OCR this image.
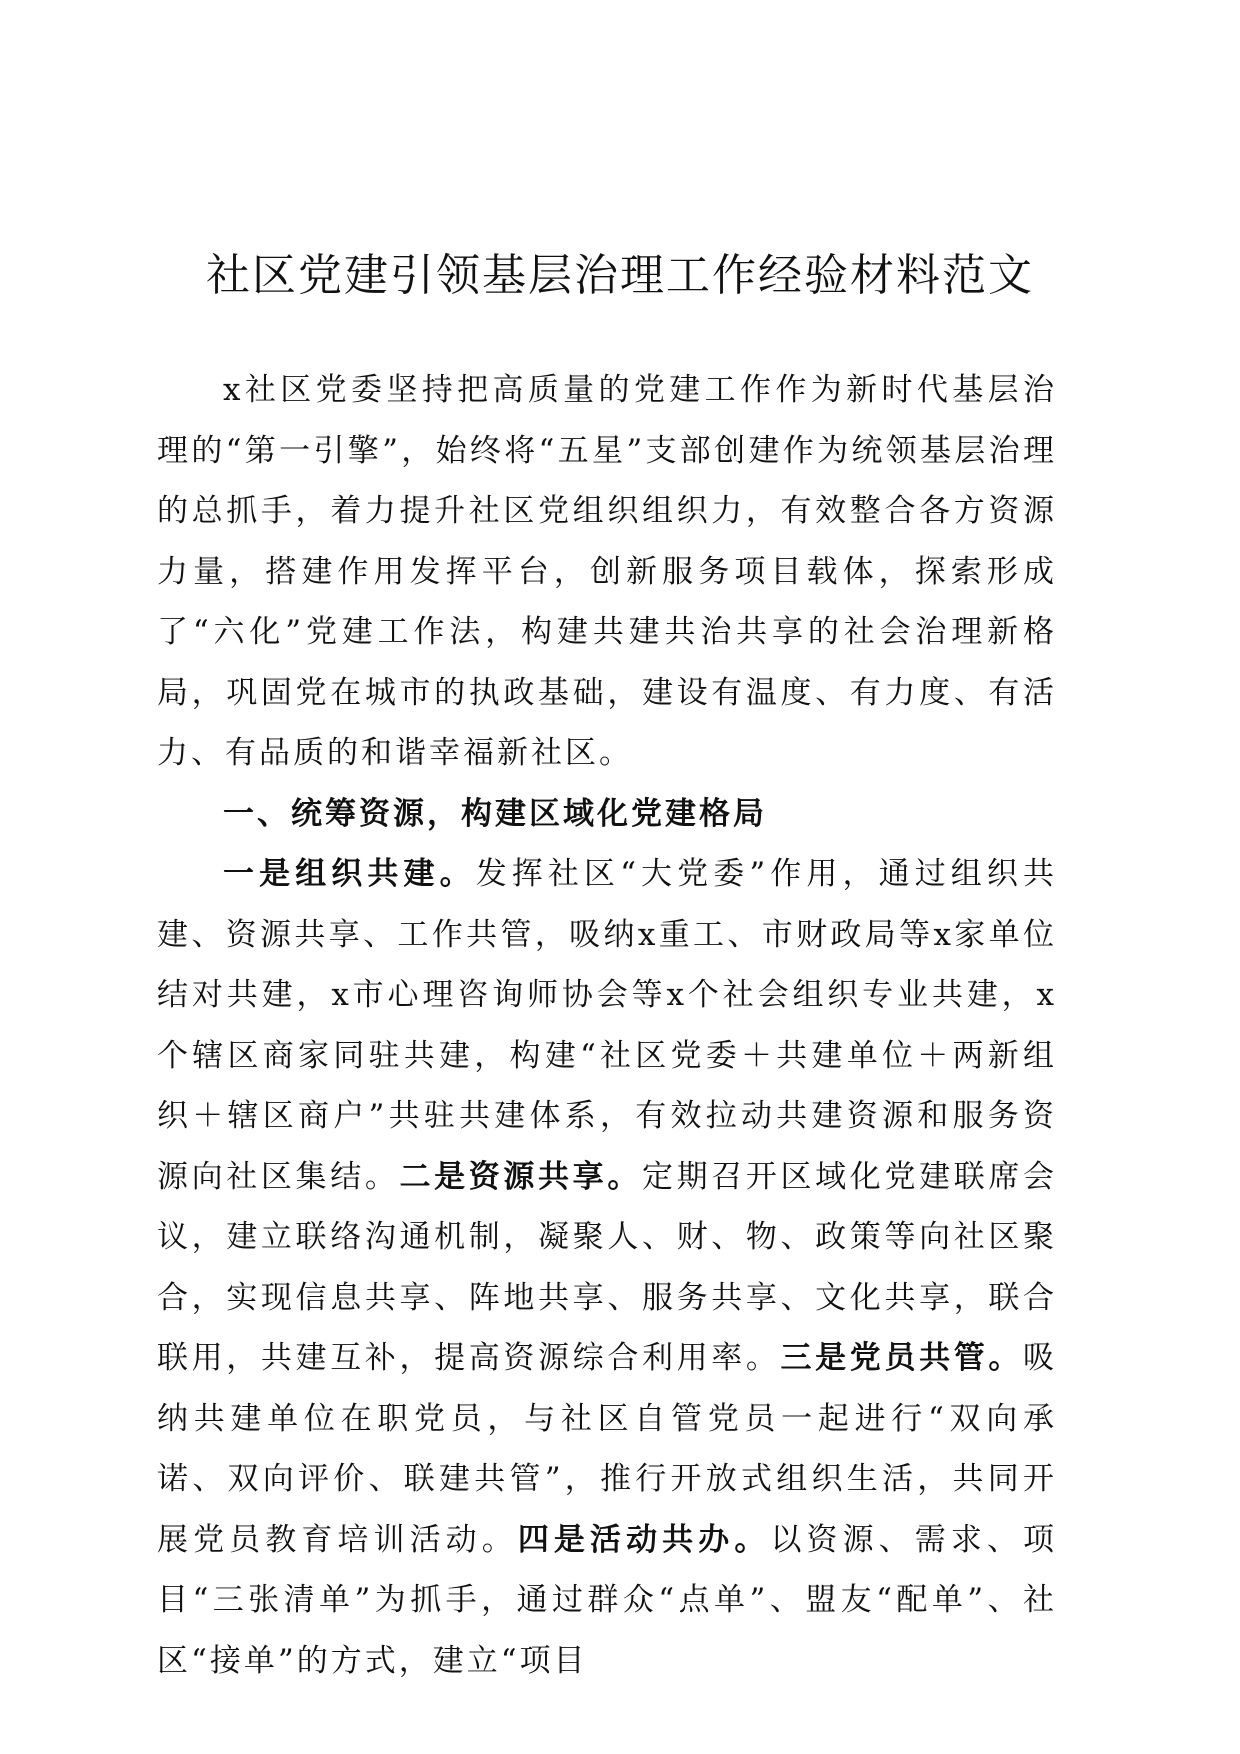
社区党建引领基层治理工作经验材料范文

x社区党委坚持把高质量的党建工作作为新时代基层治理的“第一引擎”，始终将“五星”支部创建作为统领基层治理的总抓手，着力提升社区党组织组织力，有效整合各方资源力量，搭建作用发挥平台，创新服务项目载体，探索形成了“六化”党建工作法，构建共建共治共享的社会治理新格局，巩固党在城市的执政基础，建设有温度、有力度、有活力、有品质的和谐幸福新社区。

一、统筹资源，构建区域化党建格局

一是组织共建。发挥社区“大党委”作用，通过组织共建、资源共享、工作共管，吸纳x重工、市财政局等x家单位结对共建，x市心理咨询师协会等x个社会组织专业共建，x个辖区商家同驻共建，构建“社区党委＋共建单位＋两新组织＋辖区商户”共驻共建体系，有效拉动共建资源和服务资源向社区集结。二是资源共享。定期召开区域化党建联席会议，建立联络沟通机制，凝聚人、财、物、政策等向社区聚合，实现信息共享、阵地共享、服务共享、文化共享，联合联用，共建互补，提高资源综合利用率。三是党员共管。吸纳共建单位在职党员，与社区自管党员一起进行“双向承诺、双向评价、联建共管”，推行开放式组织生活，共同开展党员教育培训活动。四是活动共办。以资源、需求、项目“三张清单”为抓手，通过群众“点单”、盟友“配单”、社区“接单”的方式，建立“项目
